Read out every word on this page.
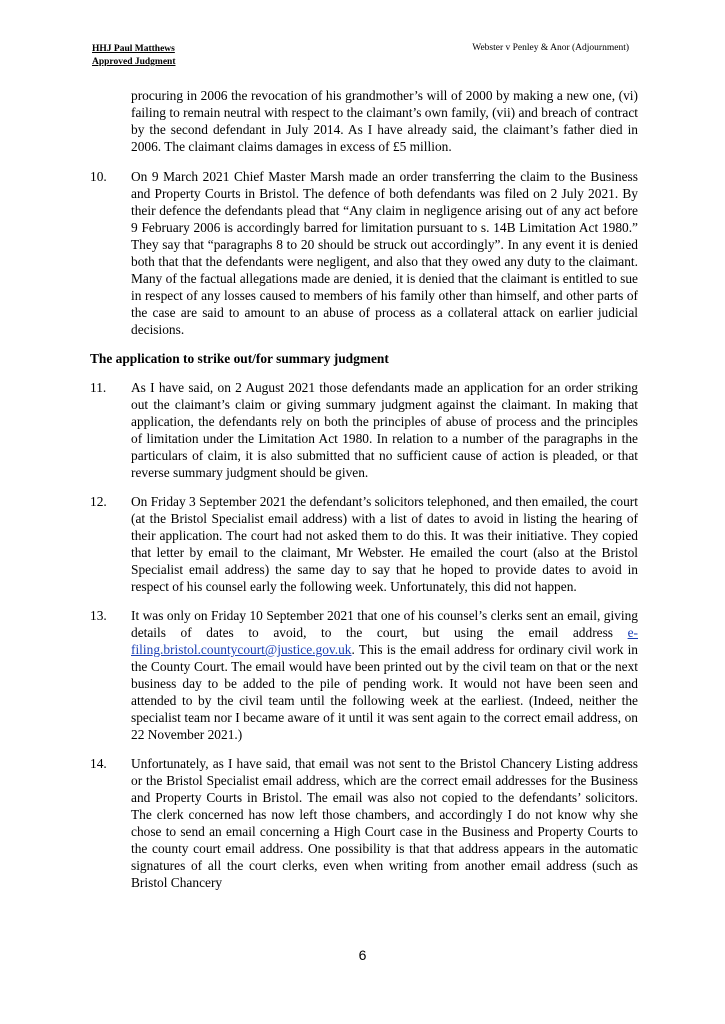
HHJ Paul Matthews
Approved Judgment
Webster v Penley & Anor (Adjournment)

procuring in 2006 the revocation of his grandmother’s will of 2000 by making a new one, (vi) failing to remain neutral with respect to the claimant’s own family, (vii) and breach of contract by the second defendant in July 2014. As I have already said, the claimant’s father died in 2006. The claimant claims damages in excess of £5 million.

10. On 9 March 2021 Chief Master Marsh made an order transferring the claim to the Business and Property Courts in Bristol. The defence of both defendants was filed on 2 July 2021. By their defence the defendants plead that “Any claim in negligence arising out of any act before 9 February 2006 is accordingly barred for limitation pursuant to s. 14B Limitation Act 1980.” They say that “paragraphs 8 to 20 should be struck out accordingly”. In any event it is denied both that that the defendants were negligent, and also that they owed any duty to the claimant. Many of the factual allegations made are denied, it is denied that the claimant is entitled to sue in respect of any losses caused to members of his family other than himself, and other parts of the case are said to amount to an abuse of process as a collateral attack on earlier judicial decisions.

The application to strike out/for summary judgment

11. As I have said, on 2 August 2021 those defendants made an application for an order striking out the claimant’s claim or giving summary judgment against the claimant. In making that application, the defendants rely on both the principles of abuse of process and the principles of limitation under the Limitation Act 1980. In relation to a number of the paragraphs in the particulars of claim, it is also submitted that no sufficient cause of action is pleaded, or that reverse summary judgment should be given.

12. On Friday 3 September 2021 the defendant’s solicitors telephoned, and then emailed, the court (at the Bristol Specialist email address) with a list of dates to avoid in listing the hearing of their application. The court had not asked them to do this. It was their initiative. They copied that letter by email to the claimant, Mr Webster. He emailed the court (also at the Bristol Specialist email address) the same day to say that he hoped to provide dates to avoid in respect of his counsel early the following week. Unfortunately, this did not happen.

13. It was only on Friday 10 September 2021 that one of his counsel’s clerks sent an email, giving details of dates to avoid, to the court, but using the email address e-filing.bristol.countycourt@justice.gov.uk. This is the email address for ordinary civil work in the County Court. The email would have been printed out by the civil team on that or the next business day to be added to the pile of pending work. It would not have been seen and attended to by the civil team until the following week at the earliest. (Indeed, neither the specialist team nor I became aware of it until it was sent again to the correct email address, on 22 November 2021.)

14. Unfortunately, as I have said, that email was not sent to the Bristol Chancery Listing address or the Bristol Specialist email address, which are the correct email addresses for the Business and Property Courts in Bristol. The email was also not copied to the defendants’ solicitors. The clerk concerned has now left those chambers, and accordingly I do not know why she chose to send an email concerning a High Court case in the Business and Property Courts to the county court email address. One possibility is that that address appears in the automatic signatures of all the court clerks, even when writing from another email address (such as Bristol Chancery

6
